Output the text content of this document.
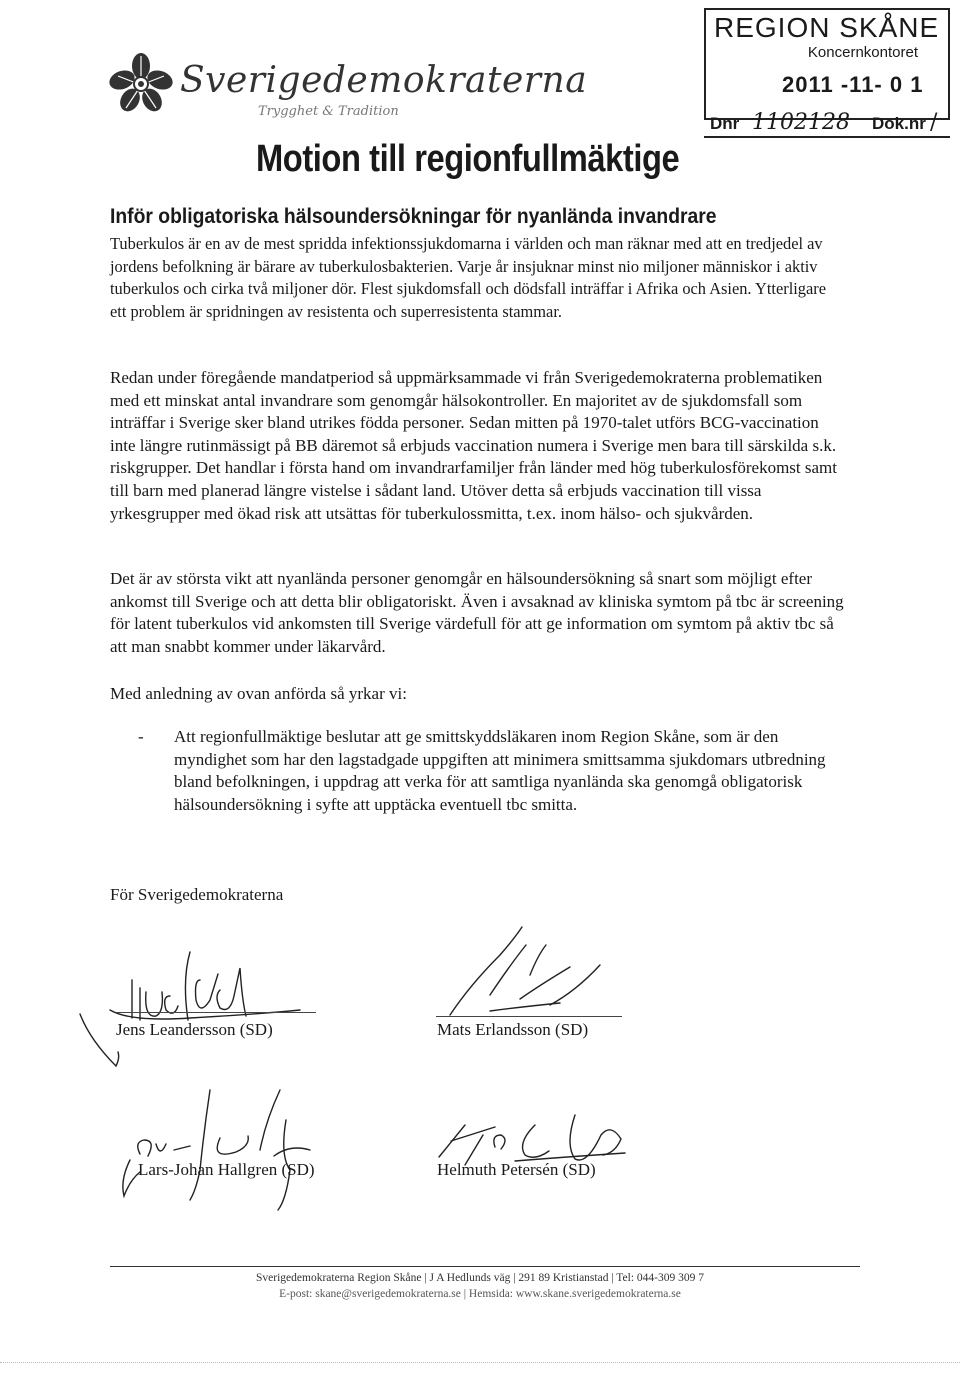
Sverigedemokraterna
Trygghet & Tradition
REGION SKÅNE
Koncernkontoret
2011 -11- 0 1
Dnr 1102128 Dok.nr /
Motion till regionfullmäktige
Inför obligatoriska hälsoundersökningar för nyanlända invandrare

Tuberkulos är en av de mest spridda infektionssjukdomarna i världen och man räknar med att en tredjedel av jordens befolkning är bärare av tuberkulosbakterien. Varje år insjuknar minst nio miljoner människor i aktiv tuberkulos och cirka två miljoner dör. Flest sjukdomsfall och dödsfall inträffar i Afrika och Asien. Ytterligare ett problem är spridningen av resistenta och superresistenta stammar.

Redan under föregående mandatperiod så uppmärksammade vi från Sverigedemokraterna problematiken med ett minskat antal invandrare som genomgår hälsokontroller. En majoritet av de sjukdomsfall som inträffar i Sverige sker bland utrikes födda personer. Sedan mitten på 1970-talet utförs BCG-vaccination inte längre rutinmässigt på BB däremot så erbjuds vaccination numera i Sverige men bara till särskilda s.k. riskgrupper. Det handlar i första hand om invandrarfamiljer från länder med hög tuberkulosförekomst samt till barn med planerad längre vistelse i sådant land. Utöver detta så erbjuds vaccination till vissa yrkesgrupper med ökad risk att utsättas för tuberkulossmitta, t.ex. inom hälso- och sjukvården.

Det är av största vikt att nyanlända personer genomgår en hälsoundersökning så snart som möjligt efter ankomst till Sverige och att detta blir obligatoriskt. Även i avsaknad av kliniska symtom på tbc är screening för latent tuberkulos vid ankomsten till Sverige värdefull för att ge information om symtom på aktiv tbc så att man snabbt kommer under läkarvård.

Med anledning av ovan anförda så yrkar vi:

- Att regionfullmäktige beslutar att ge smittskyddsläkaren inom Region Skåne, som är den myndighet som har den lagstadgade uppgiften att minimera smittsamma sjukdomars utbredning bland befolkningen, i uppdrag att verka för att samtliga nyanlända ska genomgå obligatorisk hälsoundersökning i syfte att upptäcka eventuell tbc smitta.
För Sverigedemokraterna
Jens Leandersson (SD)	Mats Erlandsson (SD)
Lars-Johan Hallgren (SD)	Helmuth Petersén (SD)
Sverigedemokraterna Region Skåne | J A Hedlunds väg | 291 89 Kristianstad | Tel: 044-309 309 7
E-post: skane@sverigedemokraterna.se | Hemsida: www.skane.sverigedemokraterna.se
